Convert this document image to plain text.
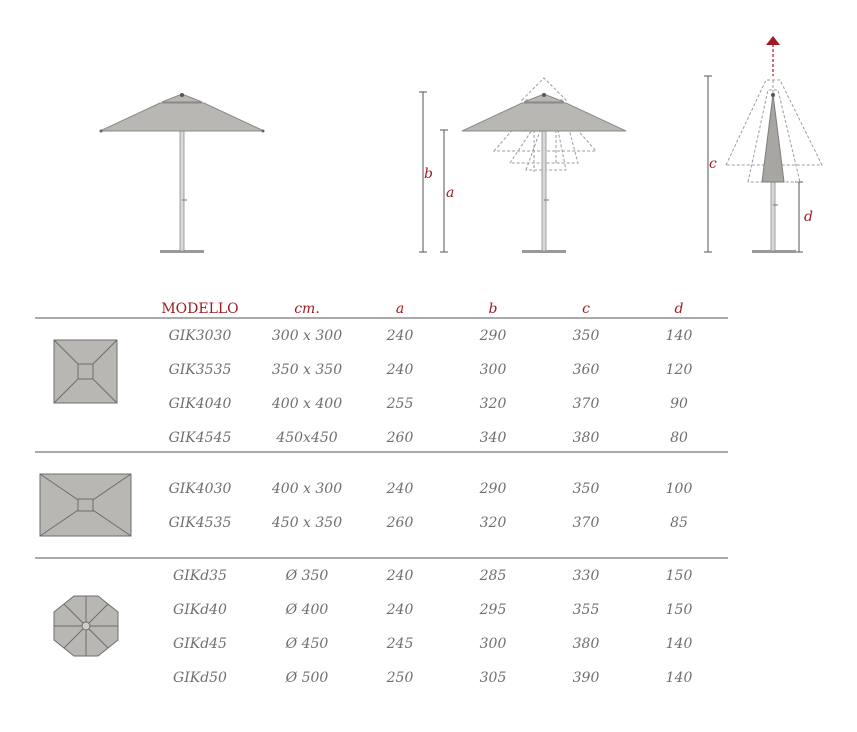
b
a
c
d
MODELLO	cm.	a	b	c	d
GIK3030	300 x 300	240	290	350	140
GIK3535	350 x 350	240	300	360	120
GIK4040	400 x 400	255	320	370	90
GIK4545	450x450	260	340	380	80
GIK4030	400 x 300	240	290	350	100
GIK4535	450 x 350	260	320	370	85
GIKd35	Ø 350	240	285	330	150
GIKd40	Ø 400	240	295	355	150
GIKd45	Ø 450	245	300	380	140
GIKd50	Ø 500	250	305	390	140
